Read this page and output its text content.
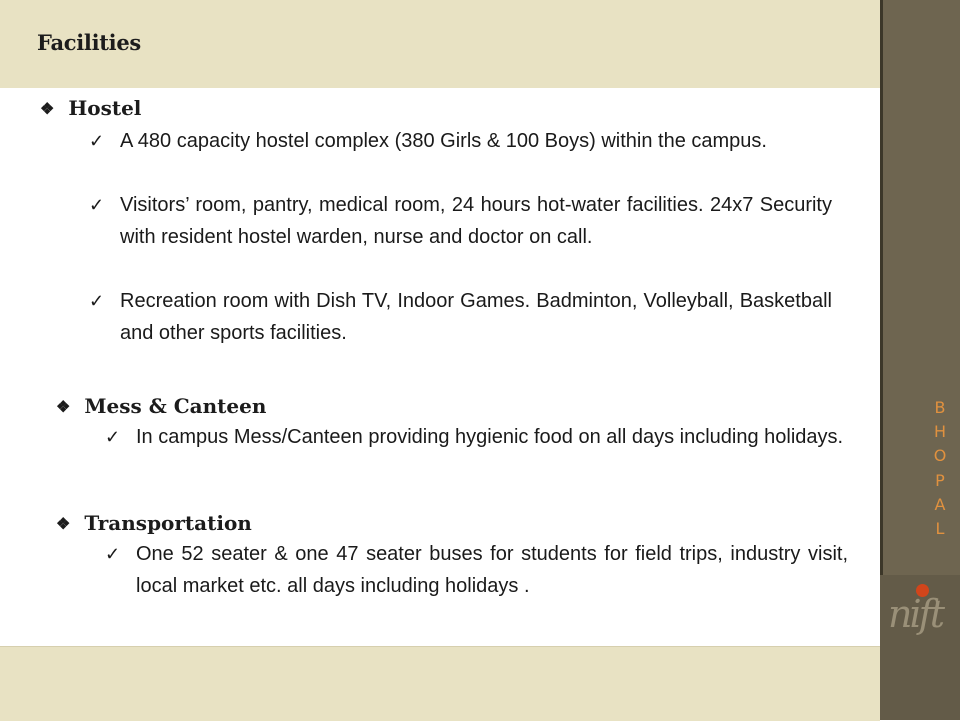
Facilities
❖ Hostel
✓ A 480 capacity hostel complex (380 Girls & 100 Boys) within the campus.
✓ Visitors’ room, pantry, medical room, 24 hours hot-water facilities. 24x7 Security with resident hostel warden, nurse and doctor on call.
✓ Recreation room with Dish TV, Indoor Games. Badminton, Volleyball, Basketball and other sports facilities.
❖ Mess & Canteen
✓ In campus Mess/Canteen providing hygienic food on all days including holidays.
❖ Transportation
✓ One 52 seater & one 47 seater buses for students for field trips, industry visit, local market etc. all days including holidays .
B
H
O
P
A
L
nift
